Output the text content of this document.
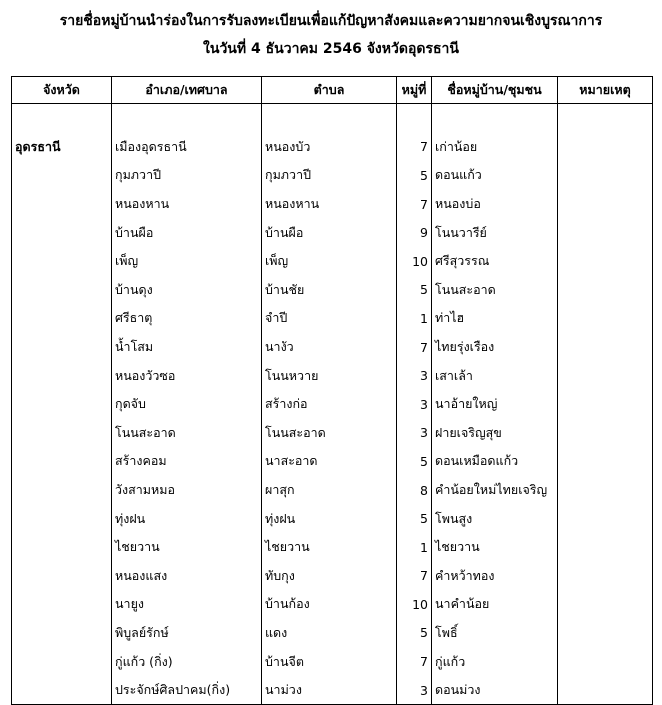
รายชื่อหมู่บ้านนำร่องในการรับลงทะเบียนเพื่อแก้ปัญหาสังคมและความยากจนเชิงบูรณาการ
ในวันที่ 4 ธันวาคม 2546 จังหวัดอุดรธานี
จังหวัด	อำเภอ/เทศบาล	ตำบล	หมู่ที่	ชื่อหมู่บ้าน/ชุมชน	หมายเหตุ

อุดรธานี	เมืองอุดรธานี	หนองบัว	7	เก่าน้อย	
	กุมภวาปี	กุมภวาปี	5	ดอนแก้ว	
	หนองหาน	หนองหาน	7	หนองบ่อ	
	บ้านผือ	บ้านผือ	9	โนนวารีย์	
	เพ็ญ	เพ็ญ	10	ศรีสุวรรณ	
	บ้านดุง	บ้านชัย	5	โนนสะอาด	
	ศรีธาตุ	จำปี	1	ท่าไฮ	
	น้ำโสม	นางัว	7	ไทยรุ่งเรือง	
	หนองวัวซอ	โนนหวาย	3	เสาเล้า	
	กุดจับ	สร้างก่อ	3	นาอ้ายใหญ่	
	โนนสะอาด	โนนสะอาด	3	ฝายเจริญสุข	
	สร้างคอม	นาสะอาด	5	ดอนเหมือดแก้ว	
	วังสามหมอ	ผาสุก	8	คำน้อยใหม่ไทยเจริญ	
	ทุ่งฝน	ทุ่งฝน	5	โพนสูง	
	ไชยวาน	ไชยวาน	1	ไชยวาน	
	หนองแสง	ทับกุง	7	คำหว้าทอง	
	นายูง	บ้านก้อง	10	นาคำน้อย	
	พิบูลย์รักษ์	แดง	5	โพธิ์	
	กู่แก้ว (กิ่ง)	บ้านจีต	7	กู่แก้ว	
	ประจักษ์ศิลปาคม(กิ่ง)	นาม่วง	3	ดอนม่วง	
